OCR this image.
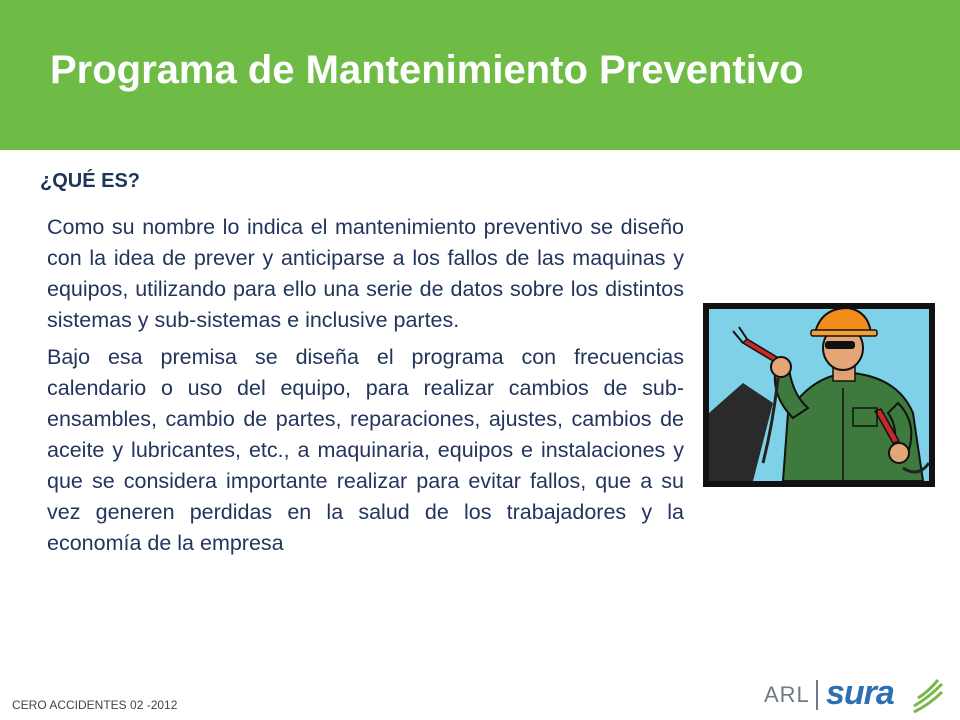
Programa de Mantenimiento Preventivo
¿QUÉ ES?

Como su nombre lo indica el mantenimiento preventivo se diseño con la idea de prever y anticiparse a los fallos de las maquinas y equipos, utilizando para ello una serie de datos sobre los distintos sistemas y sub-sistemas e inclusive partes.

Bajo esa premisa se diseña el programa con frecuencias calendario o uso del equipo, para realizar cambios de sub-ensambles, cambio de partes, reparaciones, ajustes, cambios de aceite y lubricantes, etc., a maquinaria, equipos e instalaciones y que se considera importante realizar para evitar fallos, que a su vez generen perdidas en la salud de los trabajadores y la economía de la empresa

CERO ACCIDENTES 02 -2012	ARL sura
